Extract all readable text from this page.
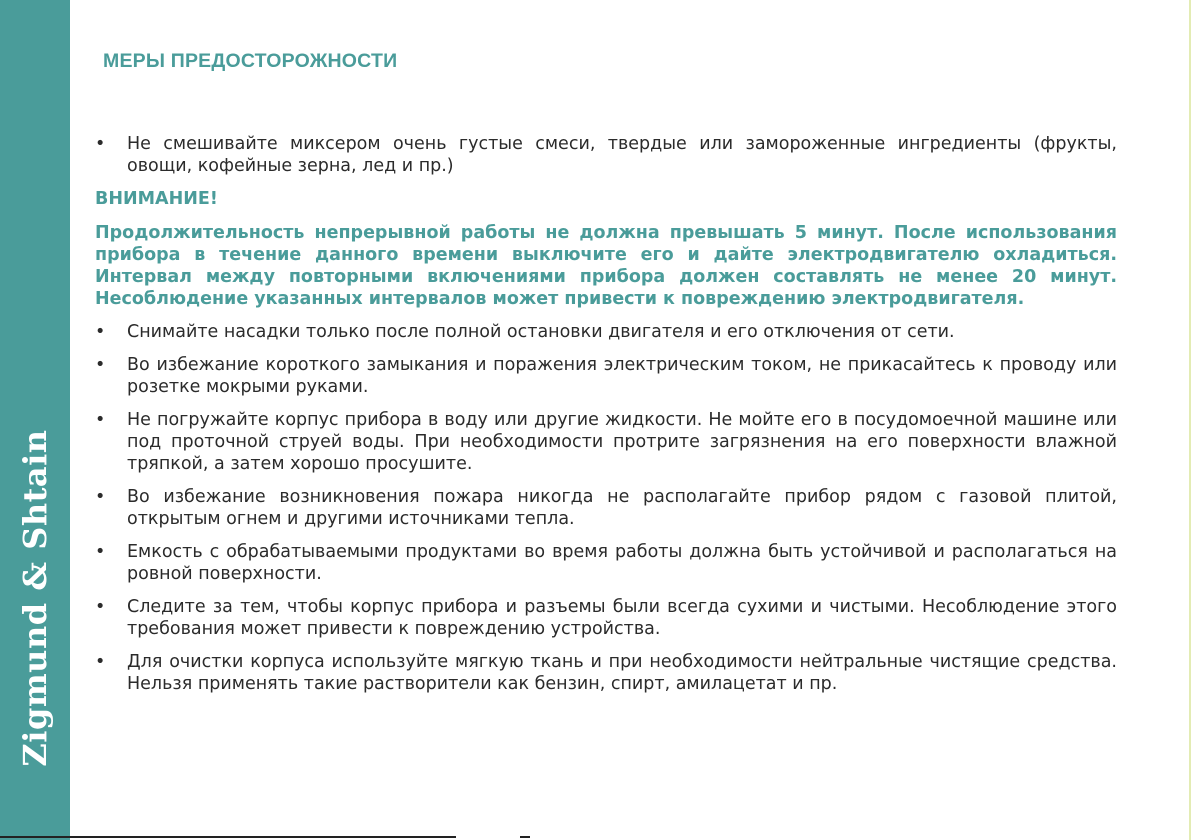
Zigmund & Shtain
МЕРЫ ПРЕДОСТОРОЖНОСТИ
• Не смешивайте миксером очень густые смеси, твердые или замороженные ингредиенты (фрукты, овощи, кофейные зерна, лед и пр.)
ВНИМАНИЕ!
Продолжительность непрерывной работы не должна превышать 5 минут. После использования прибора в течение данного времени выключите его и дайте электродвигателю охладиться. Интервал между повторными включениями прибора должен составлять не менее 20 минут. Несоблюдение указанных интервалов может привести к повреждению электродвигателя.
• Снимайте насадки только после полной остановки двигателя и его отключения от сети.
• Во избежание короткого замыкания и поражения электрическим током, не прикасайтесь к проводу или розетке мокрыми руками.
• Не погружайте корпус прибора в воду или другие жидкости. Не мойте его в посудомоечной машине или под проточной струей воды. При необходимости протрите загрязнения на его поверхности влажной тряпкой, а затем хорошо просушите.
• Во избежание возникновения пожара никогда не располагайте прибор рядом с газовой плитой, открытым огнем и другими источниками тепла.
• Емкость с обрабатываемыми продуктами во время работы должна быть устойчивой и располагаться на ровной поверхности.
• Следите за тем, чтобы корпус прибора и разъемы были всегда сухими и чистыми. Несоблюдение этого требования может привести к повреждению устройства.
• Для очистки корпуса используйте мягкую ткань и при необходимости нейтральные чистящие средства. Нельзя применять такие растворители как бензин, спирт, амилацетат и пр.
